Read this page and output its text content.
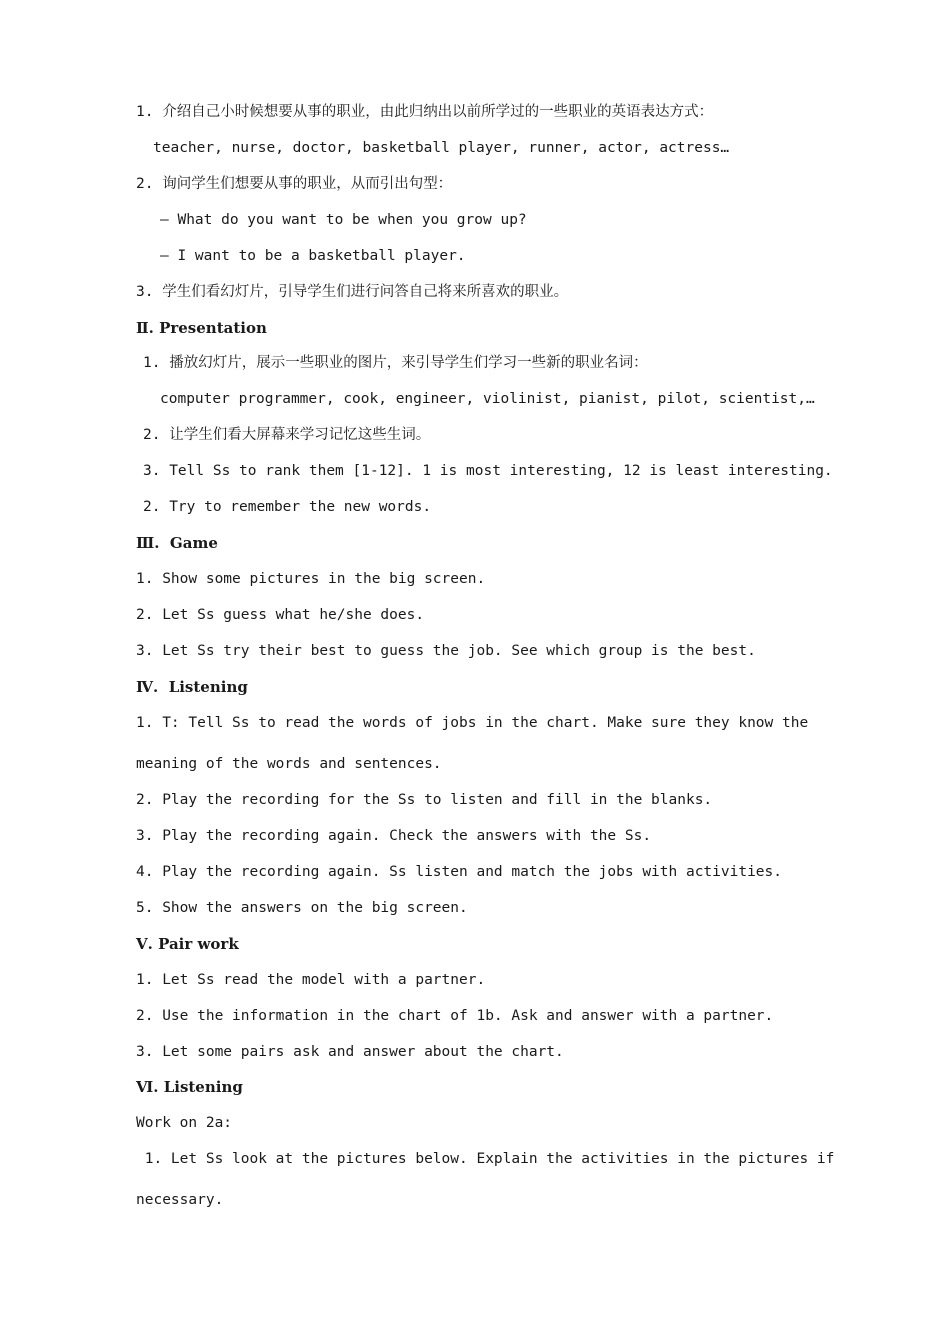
1. 介绍自己小时候想要从事的职业，由此归纳出以前所学过的一些职业的英语表达方式：
teacher, nurse, doctor, basketball player, runner, actor, actress…
2. 询问学生们想要从事的职业，从而引出句型：
— What do you want to be when you grow up?
— I want to be a basketball player.
3. 学生们看幻灯片，引导学生们进行问答自己将来所喜欢的职业。
Ⅱ. Presentation
1. 播放幻灯片，展示一些职业的图片，来引导学生们学习一些新的职业名词：
computer programmer, cook, engineer, violinist, pianist, pilot, scientist,…
2. 让学生们看大屏幕来学习记忆这些生词。
3. Tell Ss to rank them [1-12]. 1 is most interesting, 12 is least interesting.
2. Try to remember the new words.
Ⅲ.  Game
1. Show some pictures in the big screen.
2. Let Ss guess what he/she does.
3. Let Ss try their best to guess the job. See which group is the best.
Ⅳ.  Listening
1. T: Tell Ss to read the words of jobs in the chart. Make sure they know the
meaning of the words and sentences.
2. Play the recording for the Ss to listen and fill in the blanks.
3. Play the recording again. Check the answers with the Ss.
4. Play the recording again. Ss listen and match the jobs with activities.
5. Show the answers on the big screen.
Ⅴ. Pair work
1. Let Ss read the model with a partner.
2. Use the information in the chart of 1b. Ask and answer with a partner.
3. Let some pairs ask and answer about the chart.
Ⅵ. Listening
Work on 2a:
1. Let Ss look at the pictures below. Explain the activities in the pictures if
necessary.
